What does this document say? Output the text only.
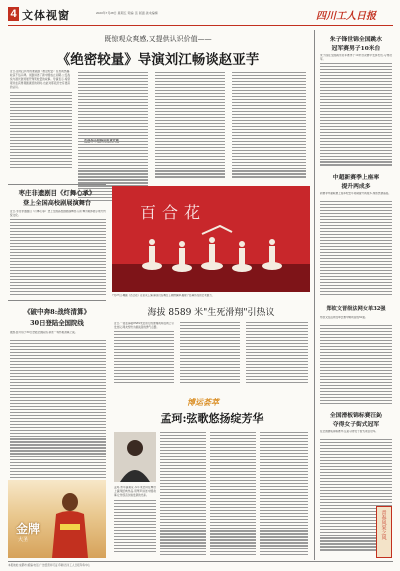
4 文体视窗	2023年7月28日 星期五 责编: 张 版面 美术编辑	四川工人日报
既惊观众爽感,又提供认识价值——
《绝密较量》导演刘江畅谈赵亚芋
近日,由刘江执导的谍战剧《绝密较量》在央视热播,收获不俗口碑。该剧讲述了新中国成立初期,公安战线与潜伏敌特展开殊死较量的故事。导演表示,希望观众在获得观剧爽感的同时,也能对那段历史有更深的认识。
枣庄非遗剧目《灯舞心承》
登上全国高校剧展演舞台
近日,枣庄非遗剧目《灯舞心承》登上全国高校剧展演舞台,以灯舞为载体展示地方传统文化。
《破中奔8:战终清算》
30日登陆全国院线
据悉,影片将于30日登陆全国院线,讲述一场终极清算之战。
金牌
大圣
百合花
7月27日,舞剧《百合花》在重庆上演,演员们在舞台上倾情演绎,展现了经典作品的艺术魅力。
海拔 8589 米"生死滑翔"引热议
近日,一段在海拔8589米处进行的滑翔视频在网上引发热议,网友纷纷为挑战者的勇气点赞。
博运荟萃
孟珂:弦歌悠扬绽芳华
孟珂,青年演奏家,多年来坚持在舞台上演绎经典作品,用琴声讲述中国故事,让传统音乐焕发新的光彩。
朱子锋世锦全国跳水
冠军赛男子10米台
朱子锋在全国跳水冠军赛男子10米台决赛中发挥出色,夺得冠军。
中超新赛季上座率
提升两成多
新赛季中超联赛上座率较去年同期提升两成多,球迷热情高涨。
郑钦文晋级法网女单32强
郑钦文在法网女单比赛中顺利晋级32强。
全国滑板锦标赛汪鈊
夺得女子街式冠军
在全国滑板锦标赛中,汪鈊夺得女子街式项目冠军。
青春风采之风
本报地址:成都市 邮编 电话 广告经营许可证 印刷:四川工人日报印务中心
